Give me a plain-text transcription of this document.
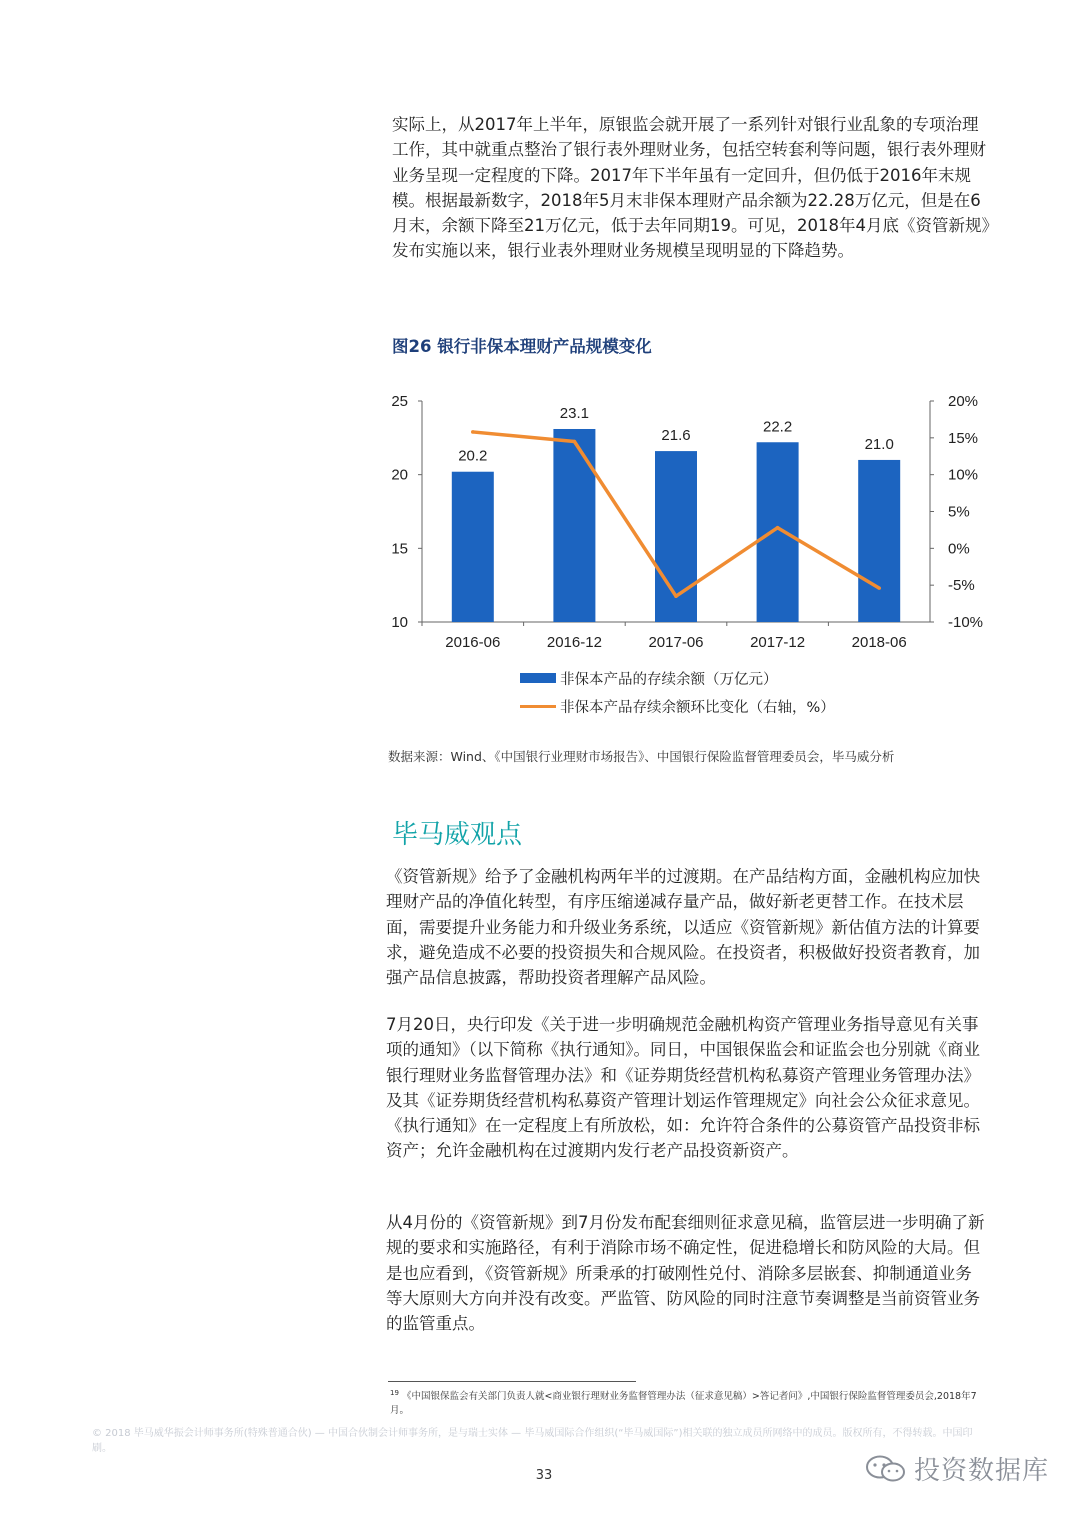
实际上，从2017年上半年，原银监会就开展了一系列针对银行业乱象的专项治理工作，其中就重点整治了银行表外理财业务，包括空转套利等问题，银行表外理财业务呈现一定程度的下降。2017年下半年虽有一定回升，但仍低于2016年末规模。根据最新数字，2018年5月末非保本理财产品余额为22.28万亿元，但是在6月末，余额下降至21万亿元，低于去年同期19。可见，2018年4月底《资管新规》发布实施以来，银行业表外理财业务规模呈现明显的下降趋势。

图26 银行非保本理财产品规模变化
10
15
20
25
-10%
-5%
0%
5%
10%
15%
20%
20.2
23.1
21.6
22.2
21.0
2016-06	2016-12	2017-06	2017-12	2018-06
非保本产品的存续余额（万亿元）
非保本产品存续余额环比变化（右轴，%）
数据来源：Wind、《中国银行业理财市场报告》、中国银行保险监督管理委员会，毕马威分析
毕马威观点

《资管新规》给予了金融机构两年半的过渡期。在产品结构方面，金融机构应加快理财产品的净值化转型，有序压缩递减存量产品，做好新老更替工作。在技术层面，需要提升业务能力和升级业务系统，以适应《资管新规》新估值方法的计算要求，避免造成不必要的投资损失和合规风险。在投资者，积极做好投资者教育，加强产品信息披露，帮助投资者理解产品风险。

7月20日，央行印发《关于进一步明确规范金融机构资产管理业务指导意见有关事项的通知》（以下简称《执行通知》。同日，中国银保监会和证监会也分别就《商业银行理财业务监督管理办法》和《证券期货经营机构私募资产管理业务管理办法》及其《证券期货经营机构私募资产管理计划运作管理规定》向社会公众征求意见。《执行通知》在一定程度上有所放松，如：允许符合条件的公募资管产品投资非标资产；允许金融机构在过渡期内发行老产品投资新资产。

从4月份的《资管新规》到7月份发布配套细则征求意见稿，监管层进一步明确了新规的要求和实施路径，有利于消除市场不确定性，促进稳增长和防风险的大局。但是也应看到，《资管新规》所秉承的打破刚性兑付、消除多层嵌套、抑制通道业务等大原则大方向并没有改变。严监管、防风险的同时注意节奏调整是当前资管业务的监管重点。

$^{19}$ 《中国银保监会有关部门负责人就<商业银行理财业务监督管理办法（征求意见稿）>答记者问》,中国银行保险监督管理委员会,2018年7月。
© 2018 毕马威华振会计师事务所(特殊普通合伙) — 中国合伙制会计师事务所，是与瑞士实体 — 毕马威国际合作组织(“毕马威国际”)相关联的独立成员所网络中的成员。版权所有，不得转载。中国印刷。
33	投资数据库
